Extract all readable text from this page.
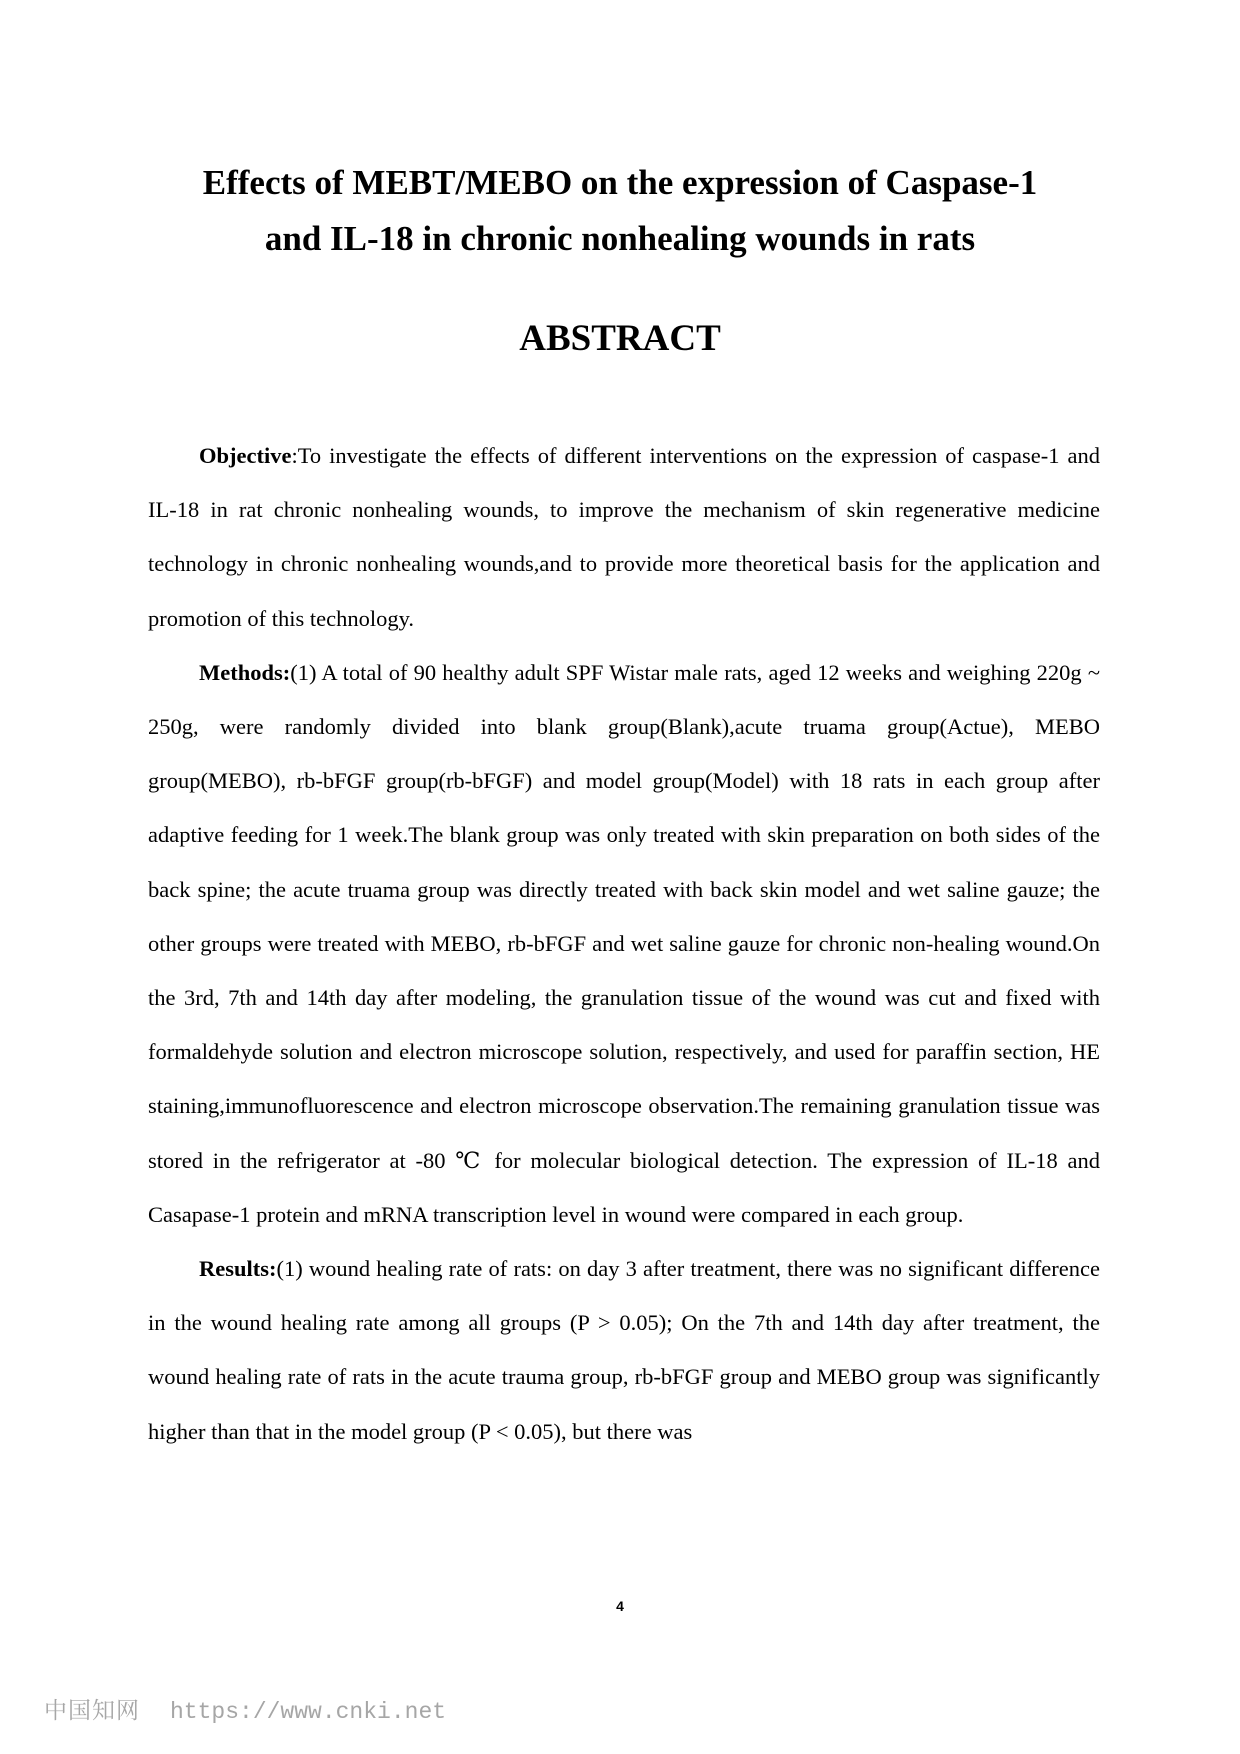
Effects of MEBT/MEBO on the expression of Caspase-1
and IL-18 in chronic nonhealing wounds in rats
ABSTRACT

Objective:To investigate the effects of different interventions on the expression of caspase-1 and IL-18 in rat chronic nonhealing wounds, to improve the mechanism of skin regenerative medicine technology in chronic nonhealing wounds,and to provide more theoretical basis for the application and promotion of this technology.

Methods:(1) A total of 90 healthy adult SPF Wistar male rats, aged 12 weeks and weighing 220g ~ 250g, were randomly divided into blank group(Blank),acute truama group(Actue), MEBO group(MEBO), rb-bFGF group(rb-bFGF) and model group(Model) with 18 rats in each group after adaptive feeding for 1 week.The blank group was only treated with skin preparation on both sides of the back spine; the acute truama group was directly treated with back skin model and wet saline gauze; the other groups were treated with MEBO, rb-bFGF and wet saline gauze for chronic non-healing wound.On the 3rd, 7th and 14th day after modeling, the granulation tissue of the wound was cut and fixed with formaldehyde solution and electron microscope solution, respectively, and used for paraffin section, HE staining,immunofluorescence and electron microscope observation.The remaining granulation tissue was stored in the refrigerator at -80 ℃ for molecular biological detection. The expression of IL-18 and Casapase-1 protein and mRNA transcription level in wound were compared in each group.

Results:(1) wound healing rate of rats: on day 3 after treatment, there was no significant difference in the wound healing rate among all groups (P > 0.05); On the 7th and 14th day after treatment, the wound healing rate of rats in the acute trauma group, rb-bFGF group and MEBO group was significantly higher than that in the model group (P < 0.05), but there was

4
中国知网 https://www.cnki.net
